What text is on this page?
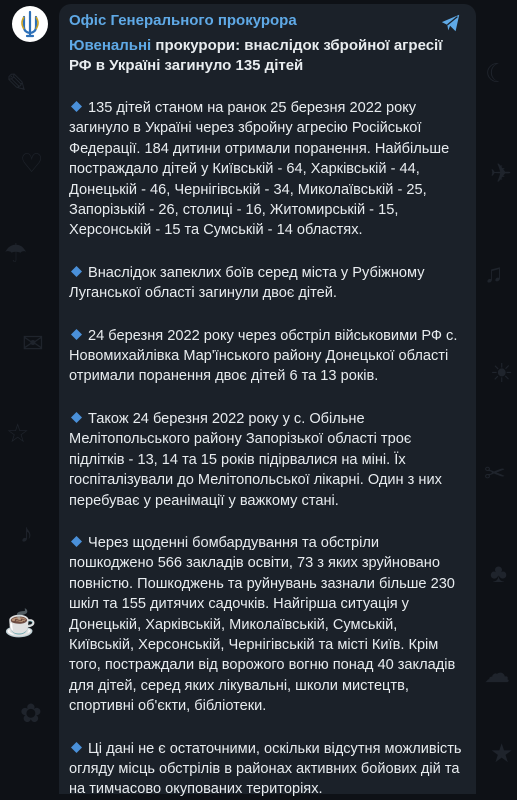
✎
♡
☂
✉
☆
♪
☕
✿
☾
✈
♫
☀
✂
♣
☁
★
Офіс Генерального прокурора
Ювенальні прокурори: внаслідок збройної агресії РФ в Україні загинуло 135 дітей
135 дітей станом на ранок 25 березня 2022 року загинуло в Україні через збройну агресію Російської Федерації. 184 дитини отримали поранення. Найбільше постраждало дітей у Київській - 64, Харківській - 44, Донецькій - 46, Чернігівській - 34, Миколаївській - 25, Запорізькій - 26, столиці - 16, Житомирській - 15, Херсонській - 15 та Сумській - 14 областях.
Внаслідок запеклих боїв серед міста у Рубіжному Луганської області загинули двоє дітей.
24 березня 2022 року через обстріл військовими РФ с. Новомихайлівка Мар'їнського району Донецької області отримали поранення двоє дітей 6 та 13 років.
Також 24 березня 2022 року у с. Обільне Мелітопольського району Запорізької області троє підлітків - 13, 14 та 15 років підірвалися на міні. Їх госпіталізували до Мелітопольської лікарні. Один з них перебуває у реанімації у важкому стані.
Через щоденні бомбардування та обстріли пошкоджено 566 закладів освіти, 73 з яких зруйновано повністю. Пошкоджень та руйнувань зазнали більше 230 шкіл та 155 дитячих садочків. Найгірша ситуація у Донецькій, Харківській, Миколаївській, Сумській, Київській, Херсонській, Чернігівській та місті Київ. Крім того, постраждали від ворожого вогню понад 40 закладів для дітей, серед яких лікувальні, школи мистецтв, спортивні об'єкти, бібліотеки.
Ці дані не є остаточними, оскільки відсутня можливість огляду місць обстрілів в районах активних бойових дій та на тимчасово окупованих територіях.
